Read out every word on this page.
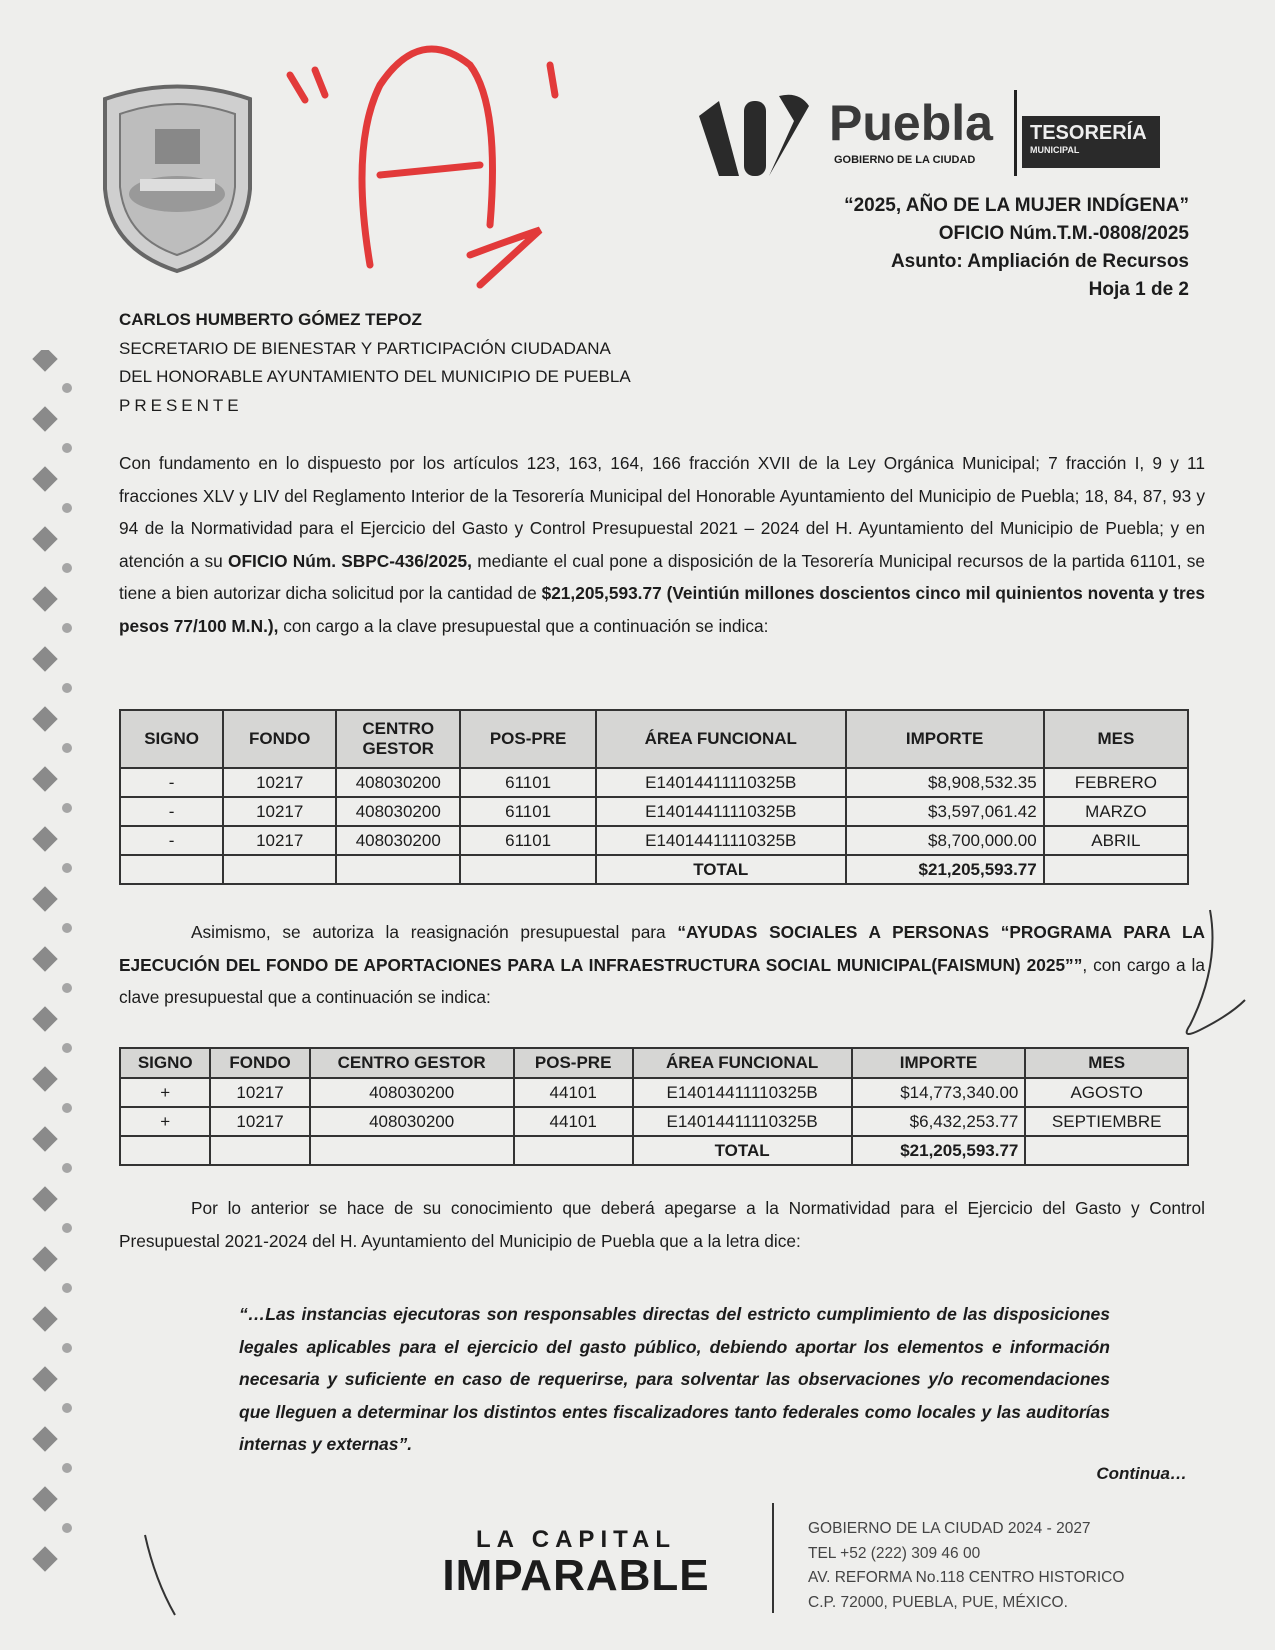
Puebla
GOBIERNO DE LA CIUDAD
TESORERÍA
MUNICIPAL
“2025, AÑO DE LA MUJER INDÍGENA”
OFICIO Núm.T.M.-0808/2025
Asunto: Ampliación de Recursos
Hoja 1 de 2
CARLOS HUMBERTO GÓMEZ TEPOZ
SECRETARIO DE BIENESTAR Y PARTICIPACIÓN CIUDADANA
DEL HONORABLE AYUNTAMIENTO DEL MUNICIPIO DE PUEBLA
PRESENTE
Con fundamento en lo dispuesto por los artículos 123, 163, 164, 166 fracción XVII de la Ley Orgánica Municipal; 7 fracción I, 9 y 11 fracciones XLV y LIV del Reglamento Interior de la Tesorería Municipal del Honorable Ayuntamiento del Municipio de Puebla; 18, 84, 87, 93 y 94 de la Normatividad para el Ejercicio del Gasto y Control Presupuestal 2021 – 2024 del H. Ayuntamiento del Municipio de Puebla; y en atención a su OFICIO Núm. SBPC-436/2025, mediante el cual pone a disposición de la Tesorería Municipal recursos de la partida 61101, se tiene a bien autorizar dicha solicitud por la cantidad de $21,205,593.77 (Veintiún millones doscientos cinco mil quinientos noventa y tres pesos 77/100 M.N.), con cargo a la clave presupuestal que a continuación se indica:
SIGNO	FONDO	CENTRO GESTOR	POS-PRE	ÁREA FUNCIONAL	IMPORTE	MES
-	10217	408030200	61101	E14014411110325B	$8,908,532.35	FEBRERO
-	10217	408030200	61101	E14014411110325B	$3,597,061.42	MARZO
-	10217	408030200	61101	E14014411110325B	$8,700,000.00	ABRIL
				TOTAL	$21,205,593.77	
Asimismo, se autoriza la reasignación presupuestal para “AYUDAS SOCIALES A PERSONAS “PROGRAMA PARA LA EJECUCIÓN DEL FONDO DE APORTACIONES PARA LA INFRAESTRUCTURA SOCIAL MUNICIPAL(FAISMUN) 2025””, con cargo a la clave presupuestal que a continuación se indica:
SIGNO	FONDO	CENTRO GESTOR	POS-PRE	ÁREA FUNCIONAL	IMPORTE	MES
+	10217	408030200	44101	E14014411110325B	$14,773,340.00	AGOSTO
+	10217	408030200	44101	E14014411110325B	$6,432,253.77	SEPTIEMBRE
				TOTAL	$21,205,593.77	
Por lo anterior se hace de su conocimiento que deberá apegarse a la Normatividad para el Ejercicio del Gasto y Control Presupuestal 2021-2024 del H. Ayuntamiento del Municipio de Puebla que a la letra dice:
“…Las instancias ejecutoras son responsables directas del estricto cumplimiento de las disposiciones legales aplicables para el ejercicio del gasto público, debiendo aportar los elementos e información necesaria y suficiente en caso de requerirse, para solventar las observaciones y/o recomendaciones que lleguen a determinar los distintos entes fiscalizadores tanto federales como locales y las auditorías internas y externas”.
Continua…
LA CAPITAL
IMPARABLE
GOBIERNO DE LA CIUDAD 2024 - 2027
TEL +52 (222) 309 46 00
AV. REFORMA No.118 CENTRO HISTORICO
C.P. 72000, PUEBLA, PUE, MÉXICO.
